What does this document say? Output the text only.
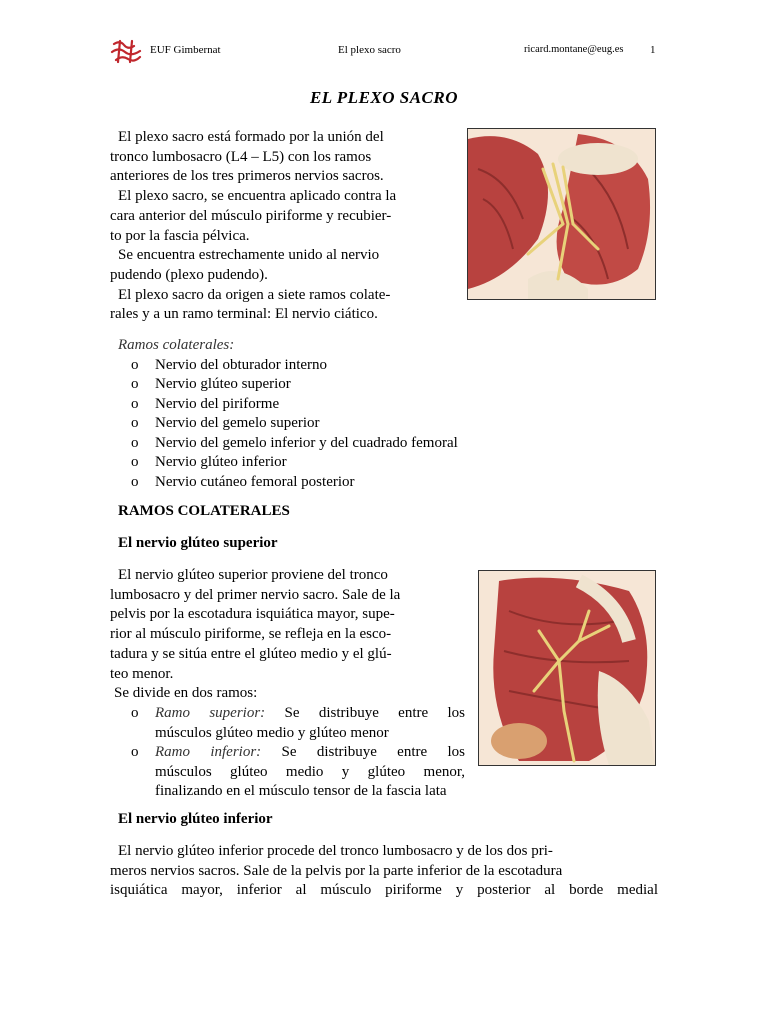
EUF Gimbernat	El plexo sacro	ricard.montane@eug.es 1
EL PLEXO SACRO
El plexo sacro está formado por la unión del
tronco lumbosacro (L4 – L5) con los ramos
anteriores de los tres primeros nervios sacros.
El plexo sacro, se encuentra aplicado contra la
cara anterior del músculo piriforme y recubier-
to por la fascia pélvica.
Se encuentra estrechamente unido al nervio
pudendo (plexo pudendo).
El plexo sacro da origen a siete ramos colate-
rales y a un ramo terminal: El nervio ciático.
Ramos colaterales:
o Nervio del obturador interno
o Nervio glúteo superior
o Nervio del piriforme
o Nervio del gemelo superior
o Nervio del gemelo inferior y del cuadrado femoral
o Nervio glúteo inferior
o Nervio cutáneo femoral posterior
RAMOS COLATERALES
El nervio glúteo superior
El nervio glúteo superior proviene del tronco
lumbosacro y del primer nervio sacro. Sale de la
pelvis por la escotadura isquiática mayor, supe-
rior al músculo piriforme, se refleja en la esco-
tadura y se sitúa entre el glúteo medio y el glú-
teo menor.
Se divide en dos ramos:
o Ramo superior: Se distribuye entre los
músculos glúteo medio y glúteo menor
o Ramo inferior: Se distribuye entre los
músculos glúteo medio y glúteo menor,
finalizando en el músculo tensor de la fascia lata
El nervio glúteo inferior
El nervio glúteo inferior procede del tronco lumbosacro y de los dos pri-
meros nervios sacros. Sale de la pelvis por la parte inferior de la escotadura
isquiática mayor, inferior al músculo piriforme y posterior al borde medial
